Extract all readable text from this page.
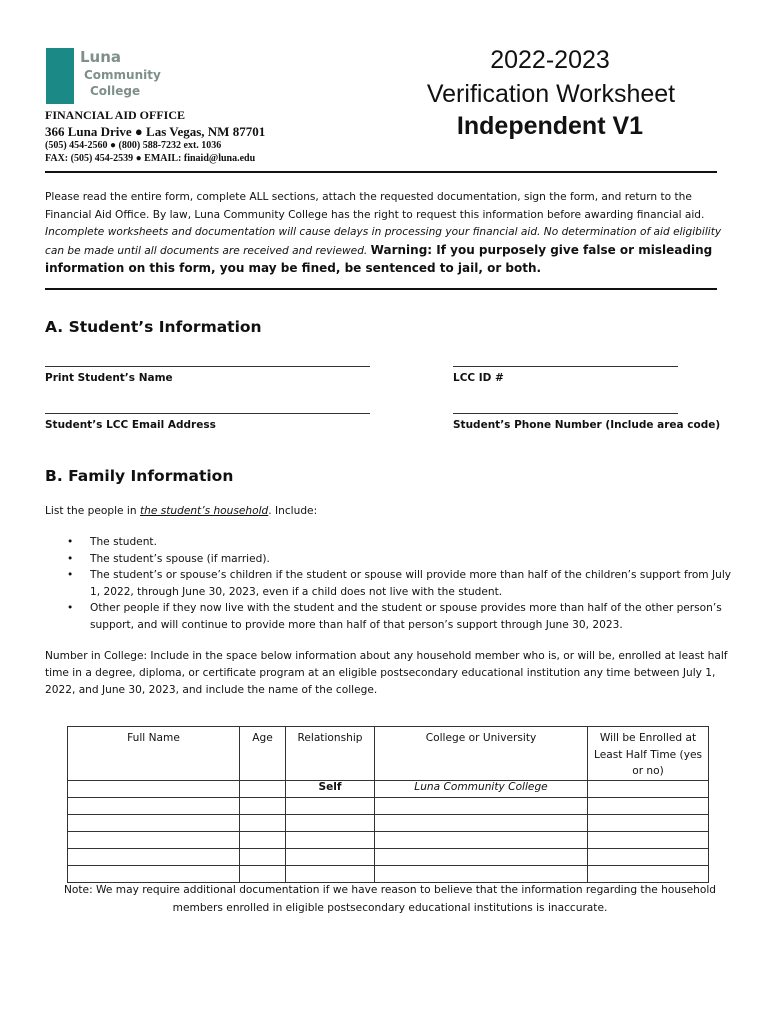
Luna
Community
College
FINANCIAL AID OFFICE
366 Luna Drive ● Las Vegas, NM 87701
(505) 454-2560 ● (800) 588-7232 ext. 1036
FAX: (505) 454-2539 ● EMAIL: finaid@luna.edu
2022-2023
Verification Worksheet
Independent V1
Please read the entire form, complete ALL sections, attach the requested documentation, sign the form, and return to the Financial Aid Office. By law, Luna Community College has the right to request this information before awarding financial aid. Incomplete worksheets and documentation will cause delays in processing your financial aid. No determination of aid eligibility can be made until all documents are received and reviewed. Warning: If you purposely give false or misleading information on this form, you may be fined, be sentenced to jail, or both.
A. Student’s Information
Print Student’s Name	LCC ID #
Student’s LCC Email Address	Student’s Phone Number (Include area code)
B. Family Information
List the people in the student’s household. Include:
• The student.
• The student’s spouse (if married).
• The student’s or spouse’s children if the student or spouse will provide more than half of the children’s support from July 1, 2022, through June 30, 2023, even if a child does not live with the student.
• Other people if they now live with the student and the student or spouse provides more than half of the other person’s support, and will continue to provide more than half of that person’s support through June 30, 2023.
Number in College: Include in the space below information about any household member who is, or will be, enrolled at least half time in a degree, diploma, or certificate program at an eligible postsecondary educational institution any time between July 1, 2022, and June 30, 2023, and include the name of the college.
Full Name	Age	Relationship	College or University	Will be Enrolled at Least Half Time (yes or no)
		Self	Luna Community College	

Note: We may require additional documentation if we have reason to believe that the information regarding the household members enrolled in eligible postsecondary educational institutions is inaccurate.
